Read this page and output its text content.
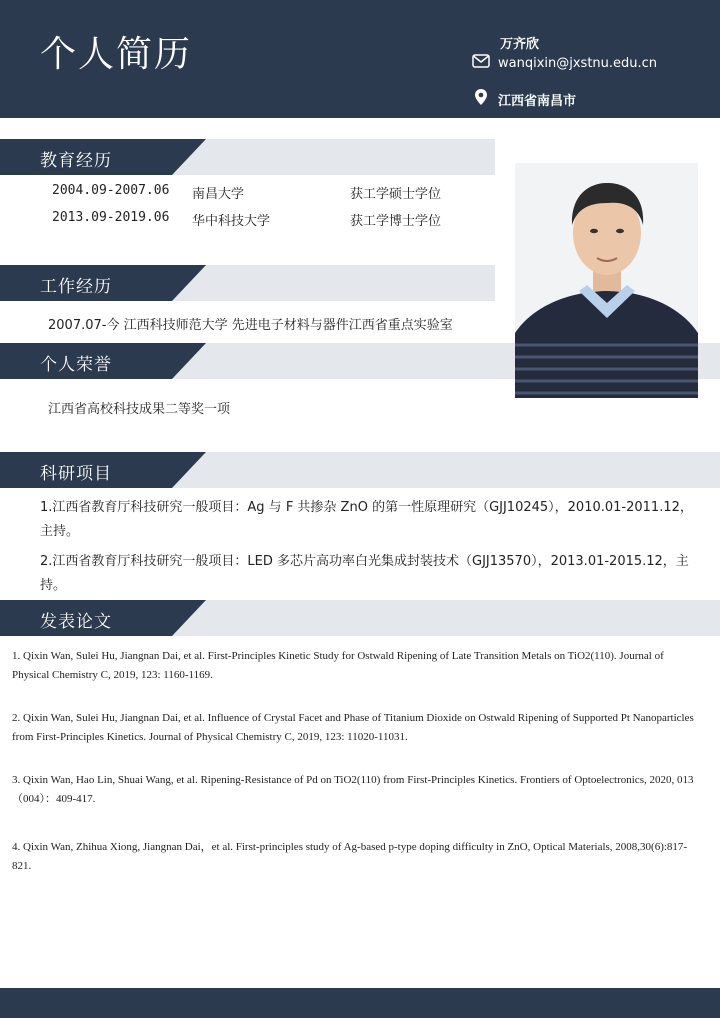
个人简历	万齐欣
wanqixin@jxstnu.edu.cn
江西省南昌市
教育经历
2004.09-2007.06 南昌大学	获工学硕士学位
2013.09-2019.06 华中科技大学	获工学博士学位
工作经历
2007.07-今 江西科技师范大学 先进电子材料与器件江西省重点实验室
个人荣誉
江西省高校科技成果二等奖一项
科研项目
1.江西省教育厅科技研究一般项目：Ag 与 F 共掺杂 ZnO 的第一性原理研究（GJJ10245），2010.01-2011.12，主持。
2.江西省教育厅科技研究一般项目：LED 多芯片高功率白光集成封装技术（GJJ13570），2013.01-2015.12，主持。
发表论文
1. Qixin Wan, Sulei Hu, Jiangnan Dai, et al. First-Principles Kinetic Study for Ostwald Ripening of Late Transition Metals on TiO2(110). Journal of Physical Chemistry C, 2019, 123: 1160-1169.
2. Qixin Wan, Sulei Hu, Jiangnan Dai, et al. Influence of Crystal Facet and Phase of Titanium Dioxide on Ostwald Ripening of Supported Pt Nanoparticles from First-Principles Kinetics. Journal of Physical Chemistry C, 2019, 123: 11020-11031.
3. Qixin Wan, Hao Lin, Shuai Wang, et al. Ripening-Resistance of Pd on TiO2(110) from First-Principles Kinetics. Frontiers of Optoelectronics, 2020, 013（004）：409-417.
4. Qixin Wan, Zhihua Xiong, Jiangnan Dai，et al. First-principles study of Ag-based p-type doping difficulty in ZnO, Optical Materials, 2008,30(6):817-821.
